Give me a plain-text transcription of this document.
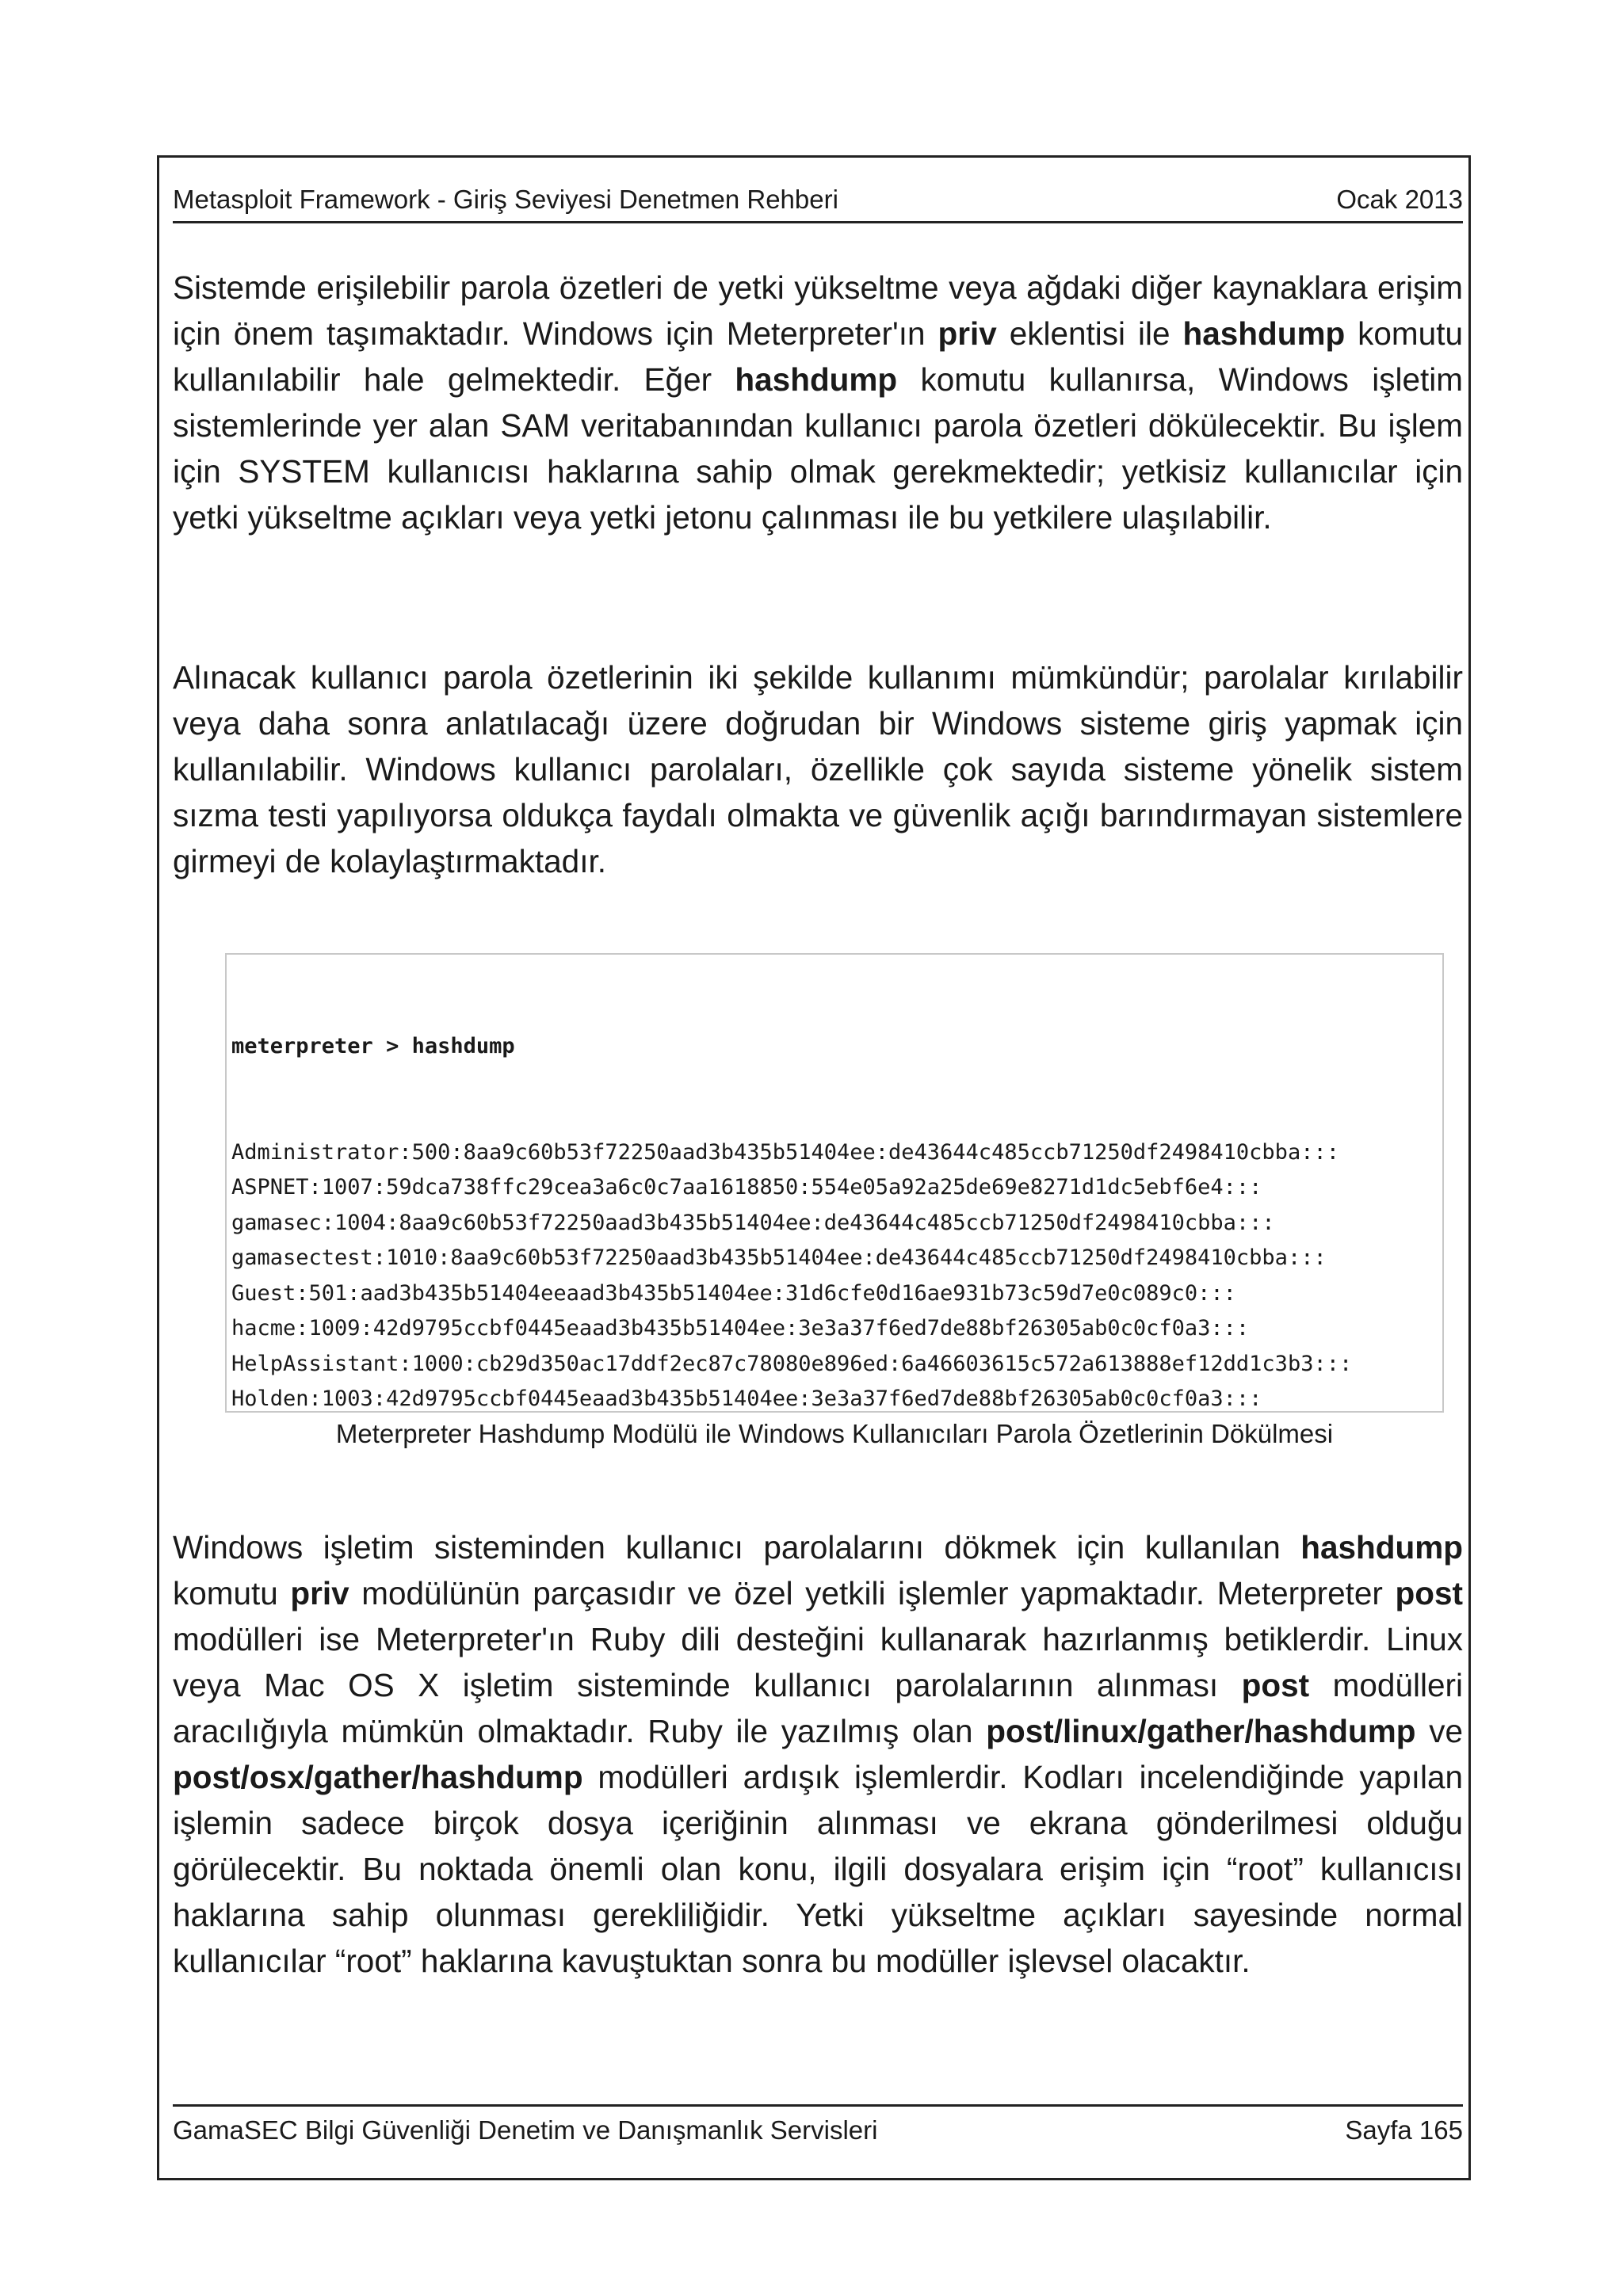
Metasploit Framework - Giriş Seviyesi Denetmen Rehberi	Ocak 2013

Sistemde erişilebilir parola özetleri de yetki yükseltme veya ağdaki diğer kaynaklara erişim için önem taşımaktadır. Windows için Meterpreter'ın priv eklentisi ile hashdump komutu kullanılabilir hale gelmektedir. Eğer hashdump komutu kullanırsa, Windows işletim sistemlerinde yer alan SAM veritabanından kullanıcı parola özetleri dökülecektir. Bu işlem için SYSTEM kullanıcısı haklarına sahip olmak gerekmektedir; yetkisiz kullanıcılar için yetki yükseltme açıkları veya yetki jetonu çalınması ile bu yetkilere ulaşılabilir.

Alınacak kullanıcı parola özetlerinin iki şekilde kullanımı mümkündür; parolalar kırılabilir veya daha sonra anlatılacağı üzere doğrudan bir Windows sisteme giriş yapmak için kullanılabilir. Windows kullanıcı parolaları, özellikle çok sayıda sisteme yönelik sistem sızma testi yapılıyorsa oldukça faydalı olmakta ve güvenlik açığı barındırmayan sistemlere girmeyi de kolaylaştırmaktadır.

meterpreter > hashdump

Administrator:500:8aa9c60b53f72250aad3b435b51404ee:de43644c485ccb71250df2498410cbba:::
ASPNET:1007:59dca738ffc29cea3a6c0c7aa1618850:554e05a92a25de69e8271d1dc5ebf6e4:::
gamasec:1004:8aa9c60b53f72250aad3b435b51404ee:de43644c485ccb71250df2498410cbba:::
gamasectest:1010:8aa9c60b53f72250aad3b435b51404ee:de43644c485ccb71250df2498410cbba:::
Guest:501:aad3b435b51404eeaad3b435b51404ee:31d6cfe0d16ae931b73c59d7e0c089c0:::
hacme:1009:42d9795ccbf0445eaad3b435b51404ee:3e3a37f6ed7de88bf26305ab0c0cf0a3:::
HelpAssistant:1000:cb29d350ac17ddf2ec87c78080e896ed:6a46603615c572a613888ef12dd1c3b3:::
Holden:1003:42d9795ccbf0445eaad3b435b51404ee:3e3a37f6ed7de88bf26305ab0c0cf0a3:::

Meterpreter Hashdump Modülü ile Windows Kullanıcıları Parola Özetlerinin Dökülmesi

Windows işletim sisteminden kullanıcı parolalarını dökmek için kullanılan hashdump komutu priv modülünün parçasıdır ve özel yetkili işlemler yapmaktadır. Meterpreter post modülleri ise Meterpreter'ın Ruby dili desteğini kullanarak hazırlanmış betiklerdir. Linux veya Mac OS X işletim sisteminde kullanıcı parolalarının alınması post modülleri aracılığıyla mümkün olmaktadır. Ruby ile yazılmış olan post/linux/gather/hashdump ve post/osx/gather/hashdump modülleri ardışık işlemlerdir. Kodları incelendiğinde yapılan işlemin sadece birçok dosya içeriğinin alınması ve ekrana gönderilmesi olduğu görülecektir. Bu noktada önemli olan konu, ilgili dosyalara erişim için “root” kullanıcısı haklarına sahip olunması gerekliliğidir. Yetki yükseltme açıkları sayesinde normal kullanıcılar “root” haklarına kavuştuktan sonra bu modüller işlevsel olacaktır.

GamaSEC Bilgi Güvenliği Denetim ve Danışmanlık Servisleri	Sayfa 165
